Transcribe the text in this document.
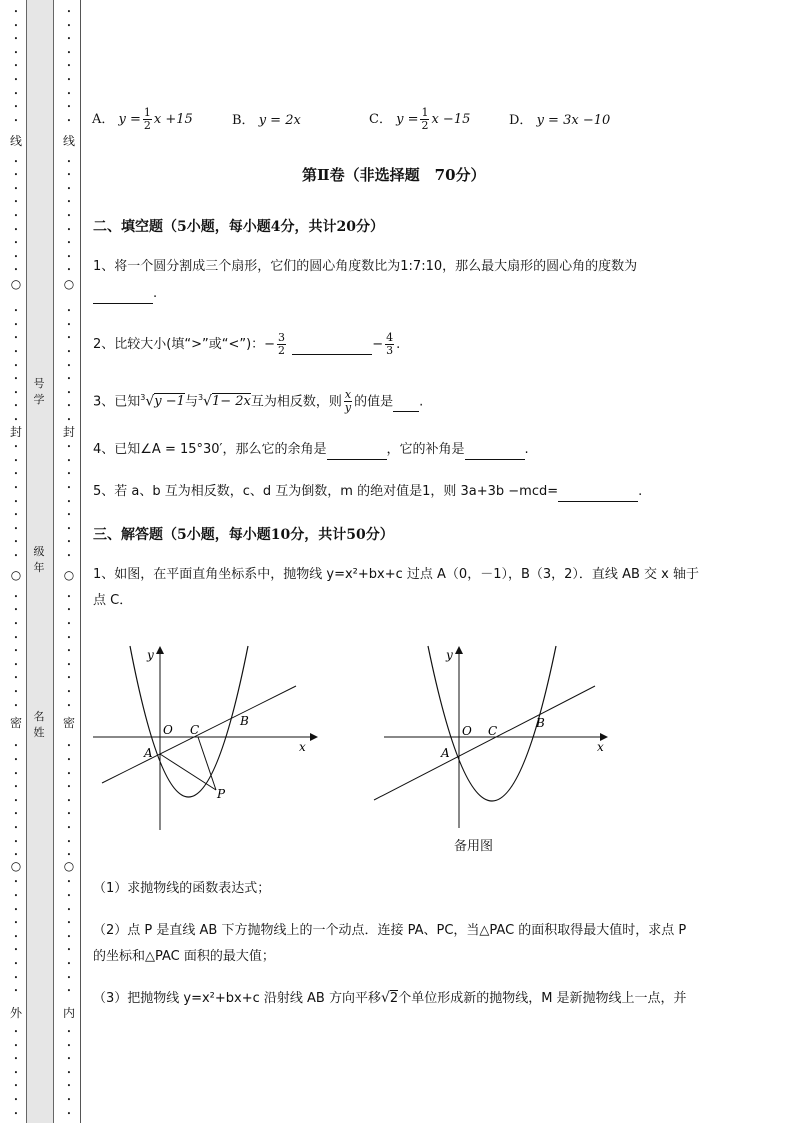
•
•
•
•
•
•
•
•
•
•
•
•
•
•
•
•
•
•
•
•
•
•
•
•
•
•
•
•
•
•
•
•
•
•
•
•
•
•
•
•
•
•
•
•
•
•
•
•
•
•
•
•
•
•
•
•
•
•
•
•
•
•
•
•
•
•
•
•
•
•
•
•
•
•
•
•
•
•
•
•
•
•
•
•
•
•
•
•
•
•
•
•
•
•
•
•
•
•
•
•
•
•
•
•
•
•
•
•
•
•
•
•
•
•
•
•
•
•
•
•
•
•
•
•
•
•
•
•
•
•
•
•
•
•
•
•
•
•
•
•
线
○
封
○
密
○
外
线
○
封
○
密
○
内
号学
级年
名姓
A． $y = \frac{1}{2}$ x +15	B． y = 2x	C． $y = \frac{1}{2}$ x −15	D． y = 3x −10
第Ⅱ卷（非选择题　70分）
二、填空题（5小题，每小题4分，共计20分）
1、将一个圆分割成三个扇形，它们的圆心角度数比为1:7:10，那么最大扇形的圆心角的度数为
.
2、比较大小(填“>”或“<”)：− $\frac{3}{2}$	− $\frac{4}{3}$ .
3、已知$^3$√y −1与$^3$√1− 2x互为相反数，则 $\frac{x}{y}$ 的值是 .
4、已知∠A = 15°30′，那么它的余角是	，它的补角是	.
5、若 a、b 互为相反数，c、d 互为倒数，m 的绝对值是1，则 3a+3b −mcd=	.
三、解答题（5小题，每小题10分，共计50分）
1、如图，在平面直角坐标系中，抛物线 y=x²+bx+c 过点 A（0，－1），B（3，2）．直线 AB 交 x 轴于
点 C．
y
x
O
A
C
B
P
y
x
O
A
C
B
备用图
（1）求抛物线的函数表达式；
（2）点 P 是直线 AB 下方抛物线上的一个动点．连接 PA、PC，当△PAC 的面积取得最大值时，求点 P
的坐标和△PAC 面积的最大值；
（3）把抛物线 y=x²+bx+c 沿射线 AB 方向平移√2个单位形成新的抛物线，M 是新抛物线上一点，并
